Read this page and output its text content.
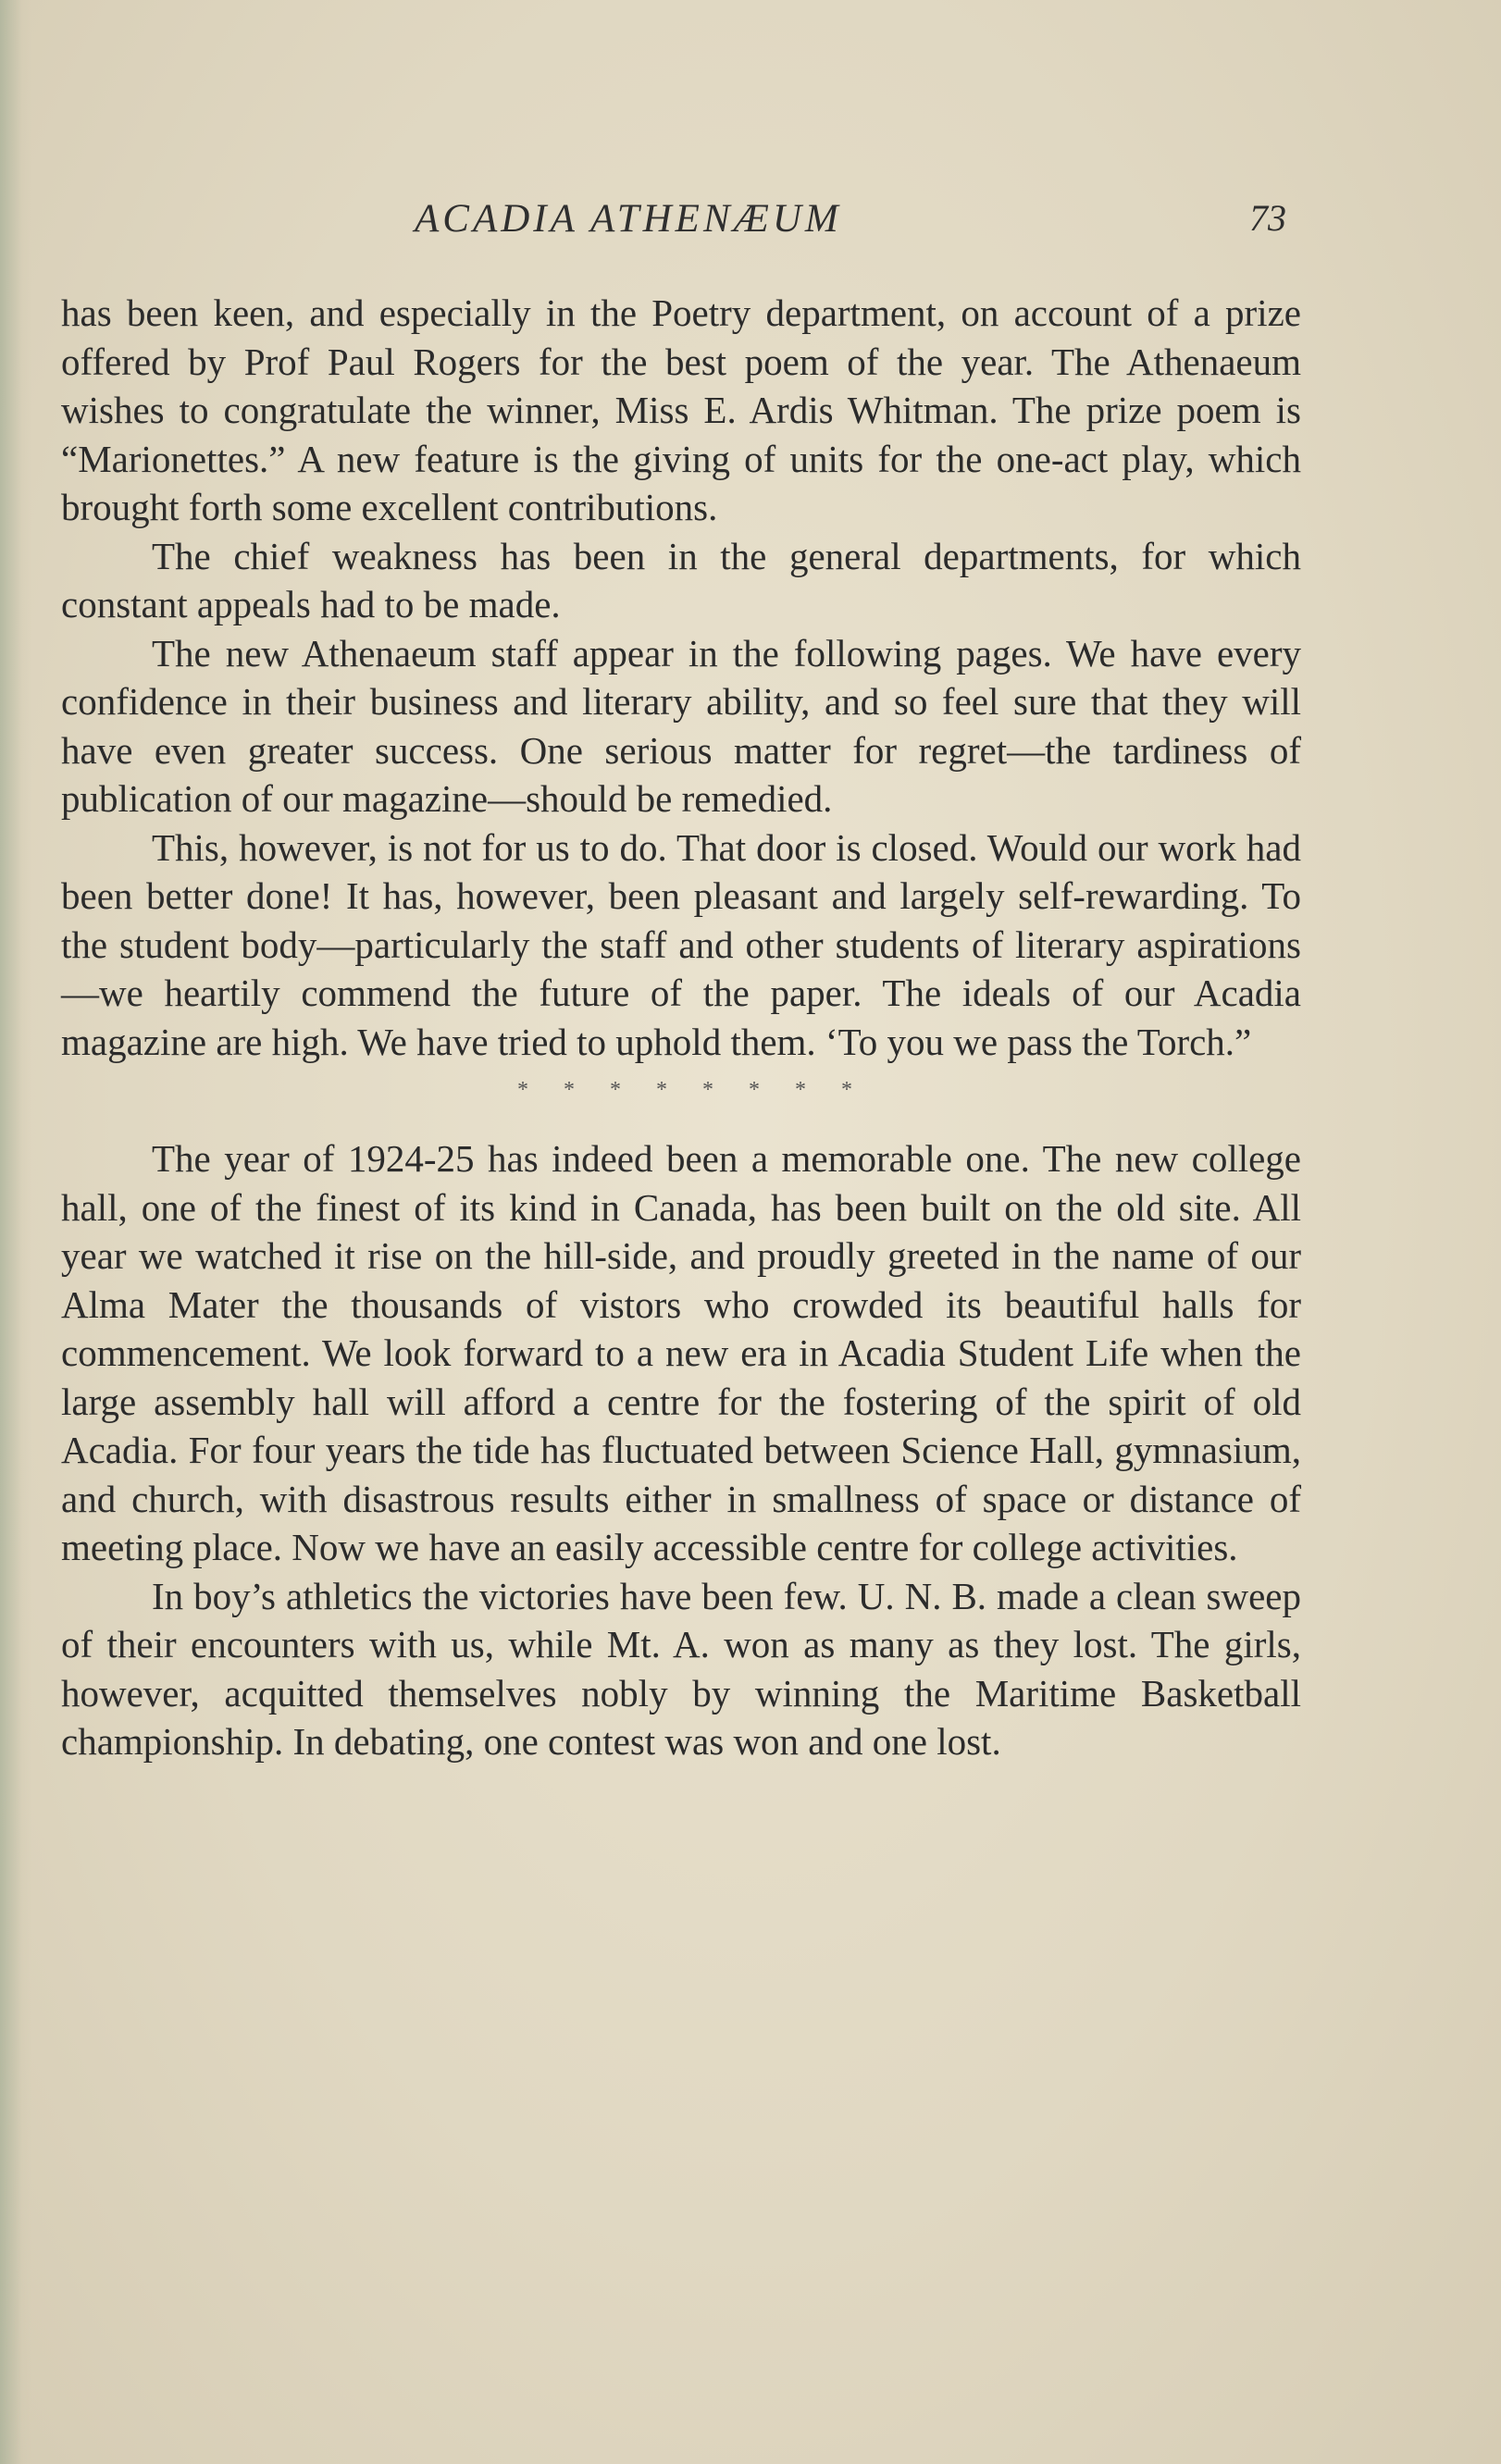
ACADIA ATHENÆUM	73

has been keen, and especially in the Poetry department, on account of a prize offered by Prof Paul Rogers for the best poem of the year. The Athenaeum wishes to congratulate the winner, Miss E. Ardis Whitman. The prize poem is “Marionettes.” A new feature is the giving of units for the one-act play, which brought forth some excellent contributions.

The chief weakness has been in the general departments, for which constant appeals had to be made.

The new Athenaeum staff appear in the following pages. We have every confidence in their business and literary ability, and so feel sure that they will have even greater success. One serious matter for regret—the tardiness of publication of our magazine—should be remedied.

This, however, is not for us to do. That door is closed. Would our work had been better done! It has, however, been pleasant and largely self-rewarding. To the student body—particularly the staff and other students of literary aspirations—we heartily commend the future of the paper. The ideals of our Acadia magazine are high. We have tried to uphold them. ‘To you we pass the Torch.”

* * * * * * * *

The year of 1924-25 has indeed been a memorable one. The new college hall, one of the finest of its kind in Canada, has been built on the old site. All year we watched it rise on the hill-side, and proudly greeted in the name of our Alma Mater the thousands of vistors who crowded its beautiful halls for commencement. We look forward to a new era in Acadia Student Life when the large assembly hall will afford a centre for the fostering of the spirit of old Acadia. For four years the tide has fluctuated between Science Hall, gymnasium, and church, with disastrous results either in smallness of space or distance of meeting place. Now we have an easily accessible centre for college activities.

In boy’s athletics the victories have been few. U. N. B. made a clean sweep of their encounters with us, while Mt. A. won as many as they lost. The girls, however, acquitted themselves nobly by winning the Maritime Basketball championship. In debating, one contest was won and one lost.
